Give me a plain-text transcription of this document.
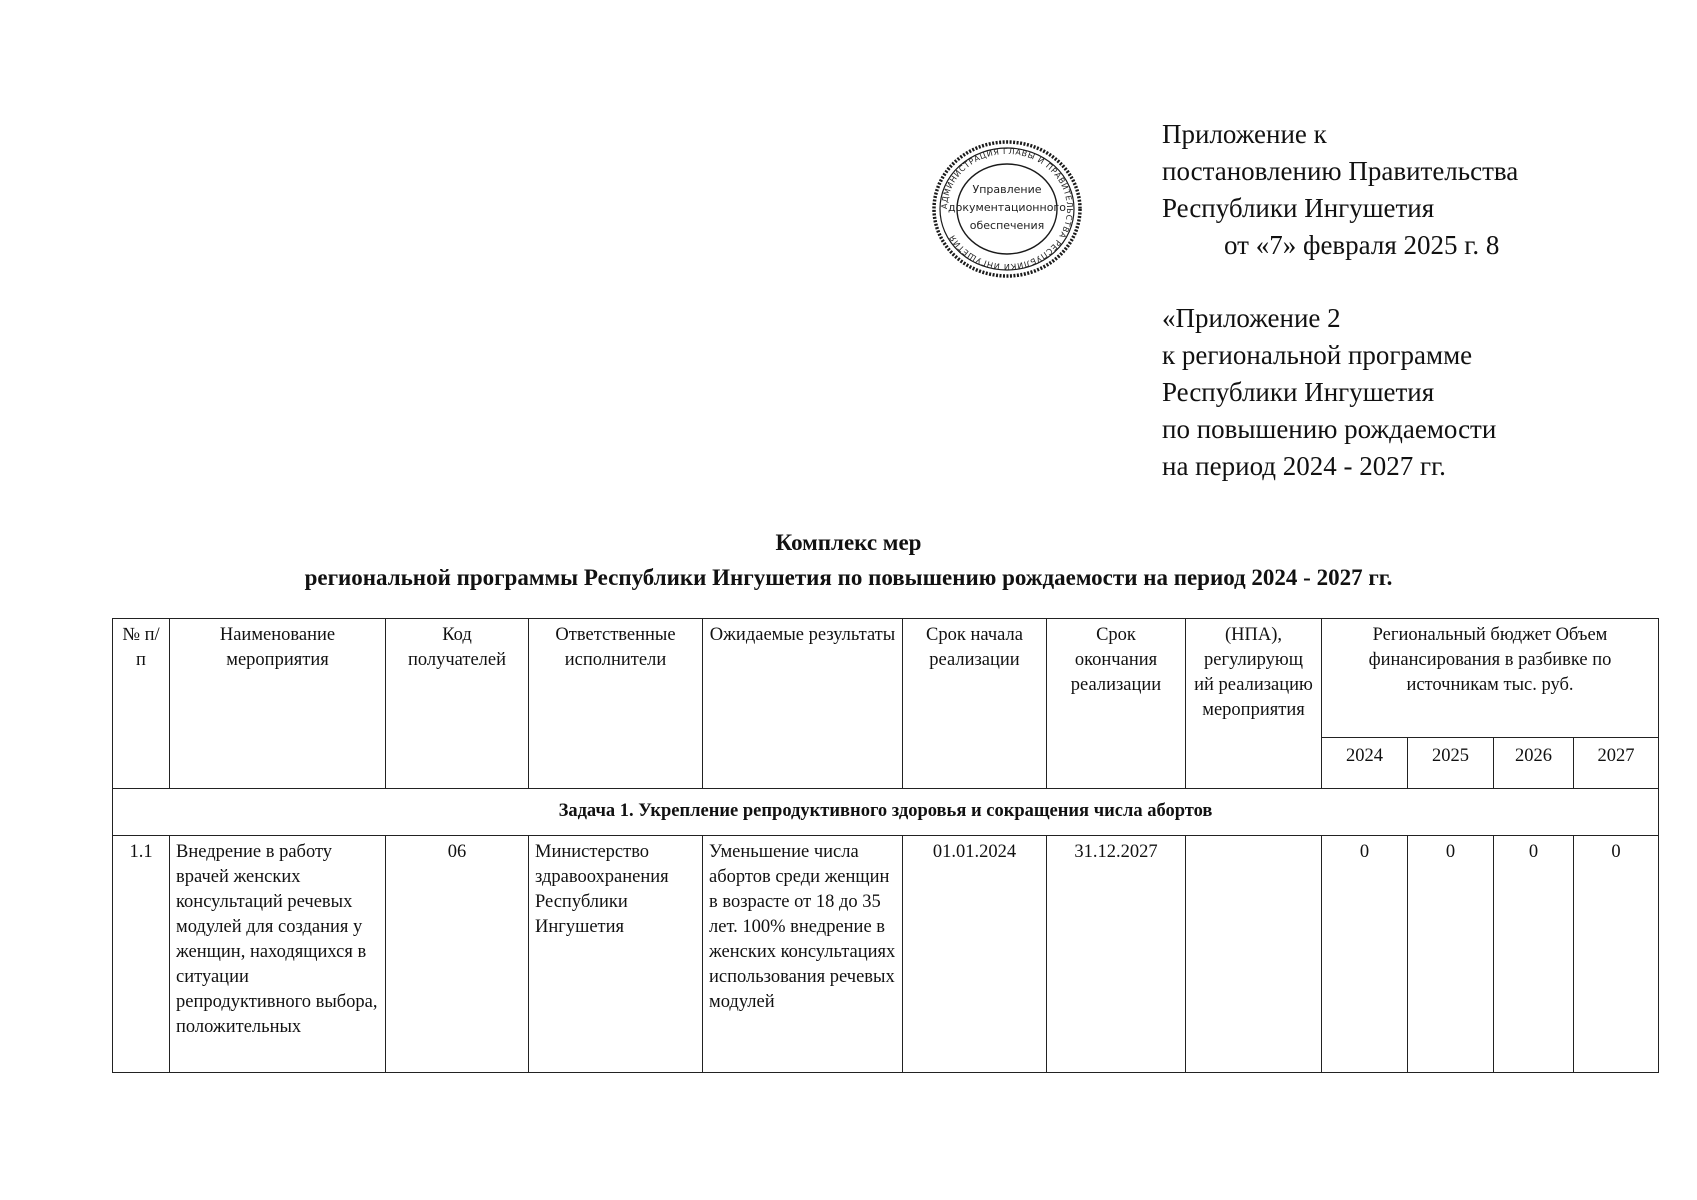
АДМИНИСТРАЦИЯ ГЛАВЫ И ПРАВИТЕЛЬСТВА РЕСПУБЛИКИ ИНГУШЕТИЯ
Управление
документационного
обеспечения
Приложение к
постановлению Правительства
Республики Ингушетия
от «7» февраля 2025 г. 8
«Приложение 2
к региональной программе
Республики Ингушетия
по повышению рождаемости
на период 2024 - 2027 гг.
Комплекс мер
региональной программы Республики Ингушетия по повышению рождаемости на период 2024 - 2027 гг.
№ п/п	Наименование мероприятия	Код получателей	Ответственные исполнители	Ожидаемые результаты	Срок начала реализации	Срок окончания реализации	(НПА), регулирующ ий реализацию мероприятия	Региональный бюджет Объем финансирования в разбивке по источникам тыс. руб.			
								2024	2025	2026	2027
Задача 1. Укрепление репродуктивного здоровья и сокращения числа абортов											
1.1	Внедрение в работу врачей женских консультаций речевых модулей для создания у женщин, находящихся в ситуации репродуктивного выбора, положительных	06	Министерство здравоохранения Республики Ингушетия	Уменьшение числа абортов среди женщин в возрасте от 18 до 35 лет. 100% внедрение в женских консультациях использования речевых модулей	01.01.2024	31.12.2027		0	0	0	0
